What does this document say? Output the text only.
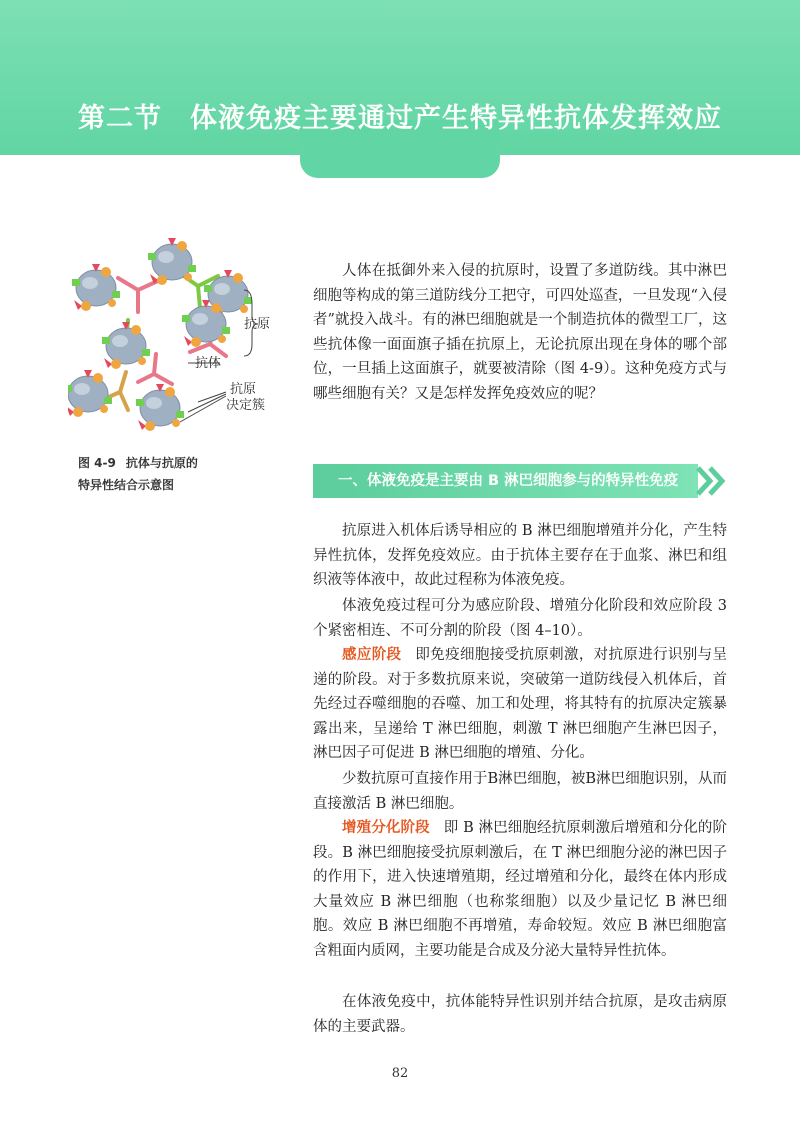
第二节　体液免疫主要通过产生特异性抗体发挥效应
抗原
抗体
抗原
决定簇
图 4-9 抗体与抗原的
特异性结合示意图

人体在抵御外来入侵的抗原时，设置了多道防线。其中淋巴细胞等构成的第三道防线分工把守，可四处巡查，一旦发现“入侵者”就投入战斗。有的淋巴细胞就是一个制造抗体的微型工厂，这些抗体像一面面旗子插在抗原上，无论抗原出现在身体的哪个部位，一旦插上这面旗子，就要被清除（图 4-9）。这种免疫方式与哪些细胞有关？又是怎样发挥免疫效应的呢？

一、体液免疫是主要由 B 淋巴细胞参与的特异性免疫

抗原进入机体后诱导相应的 B 淋巴细胞增殖并分化，产生特异性抗体，发挥免疫效应。由于抗体主要存在于血浆、淋巴和组织液等体液中，故此过程称为体液免疫。

体液免疫过程可分为感应阶段、增殖分化阶段和效应阶段 3 个紧密相连、不可分割的阶段（图 4–10）。

感应阶段 即免疫细胞接受抗原刺激，对抗原进行识别与呈递的阶段。对于多数抗原来说，突破第一道防线侵入机体后，首先经过吞噬细胞的吞噬、加工和处理，将其特有的抗原决定簇暴露出来，呈递给 T 淋巴细胞，刺激 T 淋巴细胞产生淋巴因子，淋巴因子可促进 B 淋巴细胞的增殖、分化。

少数抗原可直接作用于B淋巴细胞，被B淋巴细胞识别，从而直接激活 B 淋巴细胞。

增殖分化阶段 即 B 淋巴细胞经抗原刺激后增殖和分化的阶段。B 淋巴细胞接受抗原刺激后，在 T 淋巴细胞分泌的淋巴因子的作用下，进入快速增殖期，经过增殖和分化，最终在体内形成大量效应 B 淋巴细胞（也称浆细胞）以及少量记忆 B 淋巴细胞。效应 B 淋巴细胞不再增殖，寿命较短。效应 B 淋巴细胞富含粗面内质网，主要功能是合成及分泌大量特异性抗体。

在体液免疫中，抗体能特异性识别并结合抗原，是攻击病原体的主要武器。

82
